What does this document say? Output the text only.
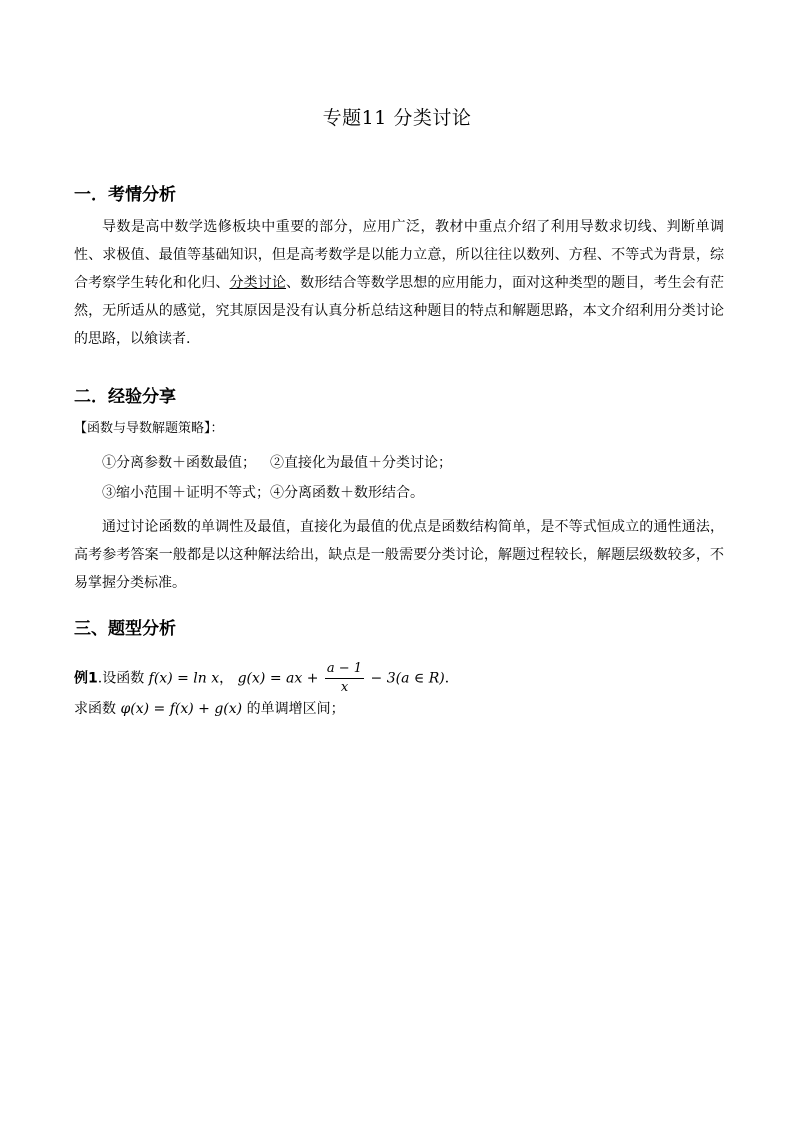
专题11 分类讨论
一．考情分析
导数是高中数学选修板块中重要的部分，应用广泛，教材中重点介绍了利用导数求切线、判断单调性、求极值、最值等基础知识，但是高考数学是以能力立意，所以往往以数列、方程、不等式为背景，综合考察学生转化和化归、分类讨论、数形结合等数学思想的应用能力，面对这种类型的题目，考生会有茫然，无所适从的感觉，究其原因是没有认真分析总结这种题目的特点和解题思路，本文介绍利用分类讨论的思路，以飨读者.
二．经验分享
【函数与导数解题策略】：
①分离参数＋函数最值； ②直接化为最值＋分类讨论；
③缩小范围＋证明不等式；④分离函数＋数形结合。
通过讨论函数的单调性及最值，直接化为最值的优点是函数结构简单，是不等式恒成立的通性通法，高考参考答案一般都是以这种解法给出，缺点是一般需要分类讨论，解题过程较长，解题层级数较多，不易掌握分类标准。
三、题型分析
例1.设函数 f(x) = ln x， g(x) = ax + $\frac{a - 1}{x} - 3(a$ ∈ R)．
求函数 φ(x) = f(x) + g(x) 的单调增区间；
